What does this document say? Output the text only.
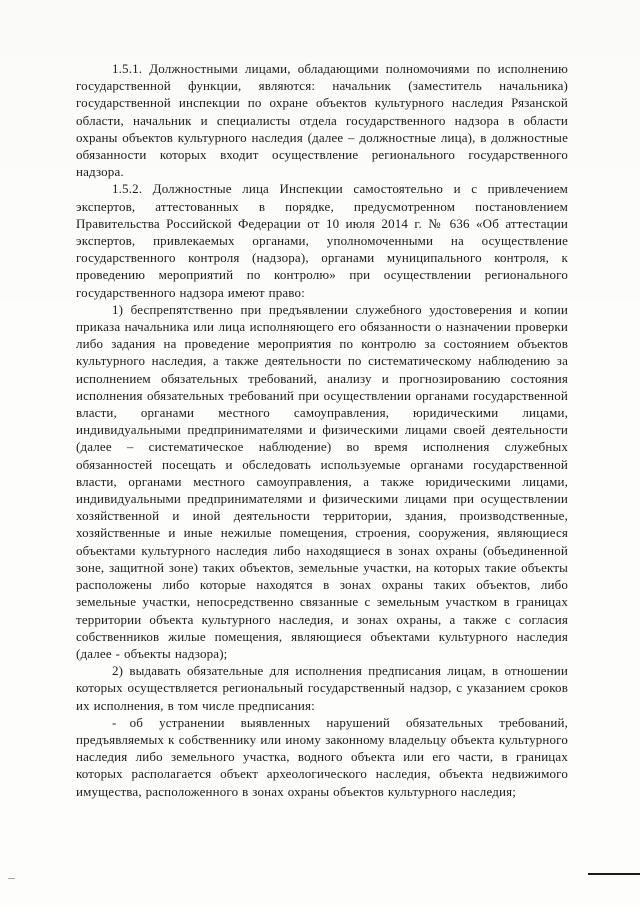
1.5.1. Должностными лицами, обладающими полномочиями по исполнению государственной функции, являются: начальник (заместитель начальника) государственной инспекции по охране объектов культурного наследия Рязанской области, начальник и специалисты отдела государственного надзора в области охраны объектов культурного наследия (далее – должностные лица), в должностные обязанности которых входит осуществление регионального государственного надзора.

1.5.2. Должностные лица Инспекции самостоятельно и с привлечением экспертов, аттестованных в порядке, предусмотренном постановлением Правительства Российской Федерации от 10 июля 2014 г. № 636 «Об аттестации экспертов, привлекаемых органами, уполномоченными на осуществление государственного контроля (надзора), органами муниципального контроля, к проведению мероприятий по контролю» при осуществлении регионального государственного надзора имеют право:

1) беспрепятственно при предъявлении служебного удостоверения и копии приказа начальника или лица исполняющего его обязанности о назначении проверки либо задания на проведение мероприятия по контролю за состоянием объектов культурного наследия, а также деятельности по систематическому наблюдению за исполнением обязательных требований, анализу и прогнозированию состояния исполнения обязательных требований при осуществлении органами государственной власти, органами местного самоуправления, юридическими лицами, индивидуальными предпринимателями и физическими лицами своей деятельности (далее – систематическое наблюдение) во время исполнения служебных обязанностей посещать и обследовать используемые органами государственной власти, органами местного самоуправления, а также юридическими лицами, индивидуальными предпринимателями и физическими лицами при осуществлении хозяйственной и иной деятельности территории, здания, производственные, хозяйственные и иные нежилые помещения, строения, сооружения, являющиеся объектами культурного наследия либо находящиеся в зонах охраны (объединенной зоне, защитной зоне) таких объектов, земельные участки, на которых такие объекты расположены либо которые находятся в зонах охраны таких объектов, либо земельные участки, непосредственно связанные с земельным участком в границах территории объекта культурного наследия, и зонах охраны, а также с согласия собственников жилые помещения, являющиеся объектами культурного наследия (далее - объекты надзора);

2) выдавать обязательные для исполнения предписания лицам, в отношении которых осуществляется региональный государственный надзор, с указанием сроков их исполнения, в том числе предписания:

- об устранении выявленных нарушений обязательных требований, предъявляемых к собственнику или иному законному владельцу объекта культурного наследия либо земельного участка, водного объекта или его части, в границах которых располагается объект археологического наследия, объекта недвижимого имущества, расположенного в зонах охраны объектов культурного наследия;
